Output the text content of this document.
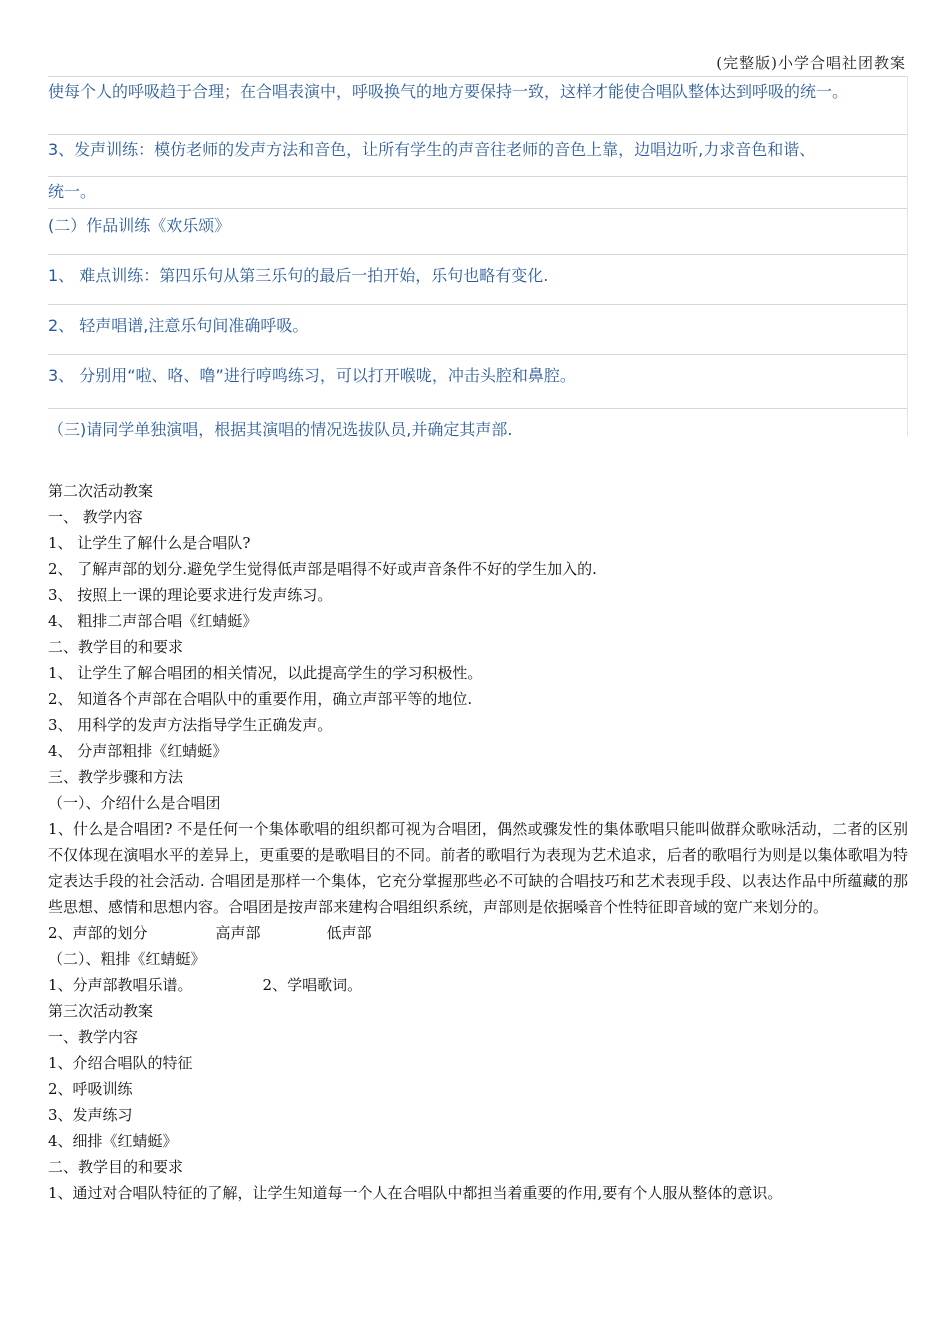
(完整版)小学合唱社团教案
使每个人的呼吸趋于合理；在合唱表演中，呼吸换气的地方要保持一致，这样才能使合唱队整体达到呼吸的统一。
3、发声训练：模仿老师的发声方法和音色，让所有学生的声音往老师的音色上靠，边唱边听,力求音色和谐、
统一。
(二）作品训练《欢乐颂》
1、 难点训练：第四乐句从第三乐句的最后一拍开始，乐句也略有变化.
2、 轻声唱谱,注意乐句间准确呼吸。
3、 分别用“啦、咯、噜”进行哼鸣练习，可以打开喉咙，冲击头腔和鼻腔。
（三)请同学单独演唱，根据其演唱的情况选拔队员,并确定其声部.
第二次活动教案
一、 教学内容
1、 让学生了解什么是合唱队?
2、 了解声部的划分.避免学生觉得低声部是唱得不好或声音条件不好的学生加入的.
3、 按照上一课的理论要求进行发声练习。
4、 粗排二声部合唱《红蜻蜓》
二、教学目的和要求
1、 让学生了解合唱团的相关情况，以此提高学生的学习积极性。
2、 知道各个声部在合唱队中的重要作用，确立声部平等的地位.
3、 用科学的发声方法指导学生正确发声。
4、 分声部粗排《红蜻蜓》
三、教学步骤和方法
（一）、介绍什么是合唱团
1、什么是合唱团? 不是任何一个集体歌唱的组织都可视为合唱团，偶然或骤发性的集体歌唱只能叫做群众歌咏活动，二者的区别不仅体现在演唱水平的差异上，更重要的是歌唱目的不同。前者的歌唱行为表现为艺术追求，后者的歌唱行为则是以集体歌唱为特定表达手段的社会活动. 合唱团是那样一个集体，它充分掌握那些必不可缺的合唱技巧和艺术表现手段、以表达作品中所蕴藏的那些思想、感情和思想内容。合唱团是按声部来建构合唱组织系统，声部则是依据嗓音个性特征即音域的宽广来划分的。
2、声部的划分	高声部	低声部
（二）、粗排《红蜻蜓》
1、分声部教唱乐谱。	2、学唱歌词。
第三次活动教案
一、教学内容
1、介绍合唱队的特征
2、呼吸训练
3、发声练习
4、细排《红蜻蜓》
二、教学目的和要求
1、通过对合唱队特征的了解，让学生知道每一个人在合唱队中都担当着重要的作用,要有个人服从整体的意识。
